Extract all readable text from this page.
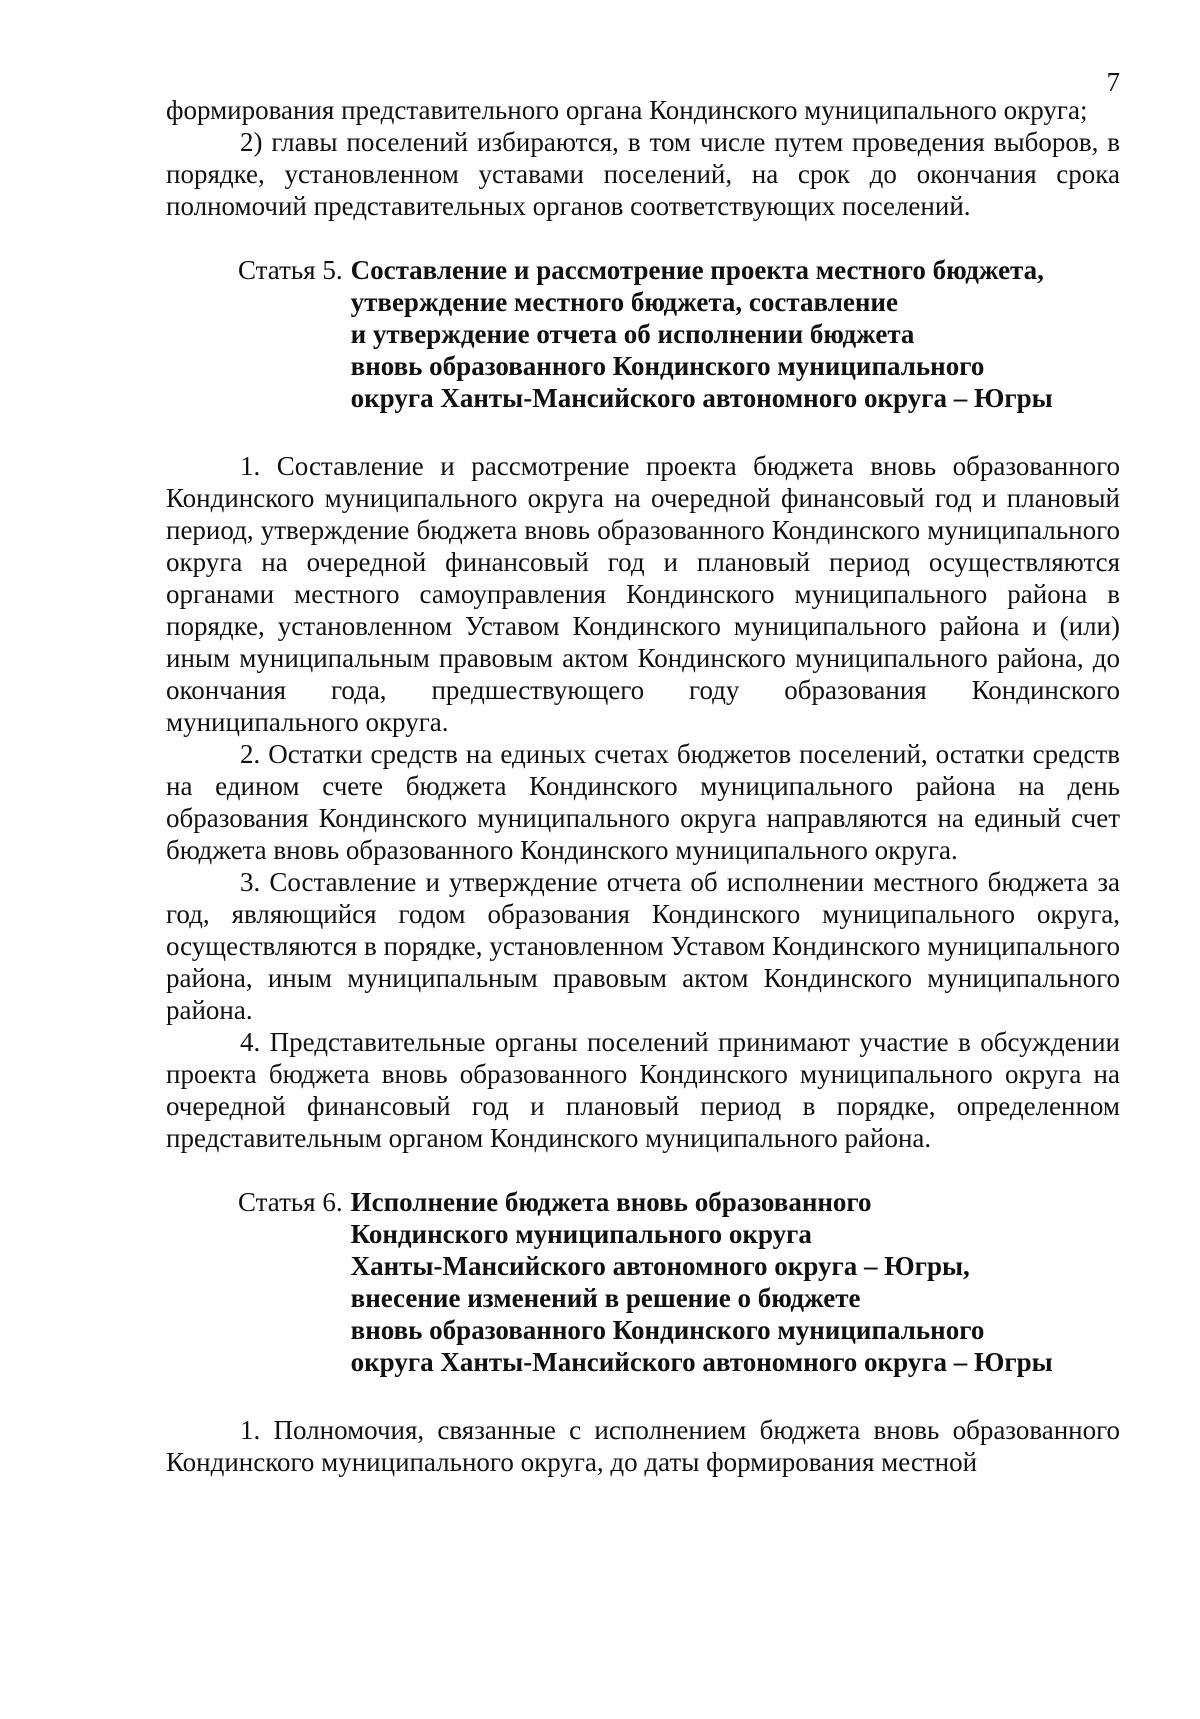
7

формирования представительного органа Кондинского муниципального округа;

2) главы поселений избираются, в том числе путем проведения выборов, в порядке, установленном уставами поселений, на срок до окончания срока полномочий представительных органов соответствующих поселений.

Статья 5. Составление и рассмотрение проекта местного бюджета,
утверждение местного бюджета, составление
и утверждение отчета об исполнении бюджета
вновь образованного Кондинского муниципального
округа Ханты-Мансийского автономного округа – Югры

1. Составление и рассмотрение проекта бюджета вновь образованного Кондинского муниципального округа на очередной финансовый год и плановый период, утверждение бюджета вновь образованного Кондинского муниципального округа на очередной финансовый год и плановый период осуществляются органами местного самоуправления Кондинского муниципального района в порядке, установленном Уставом Кондинского муниципального района и (или) иным муниципальным правовым актом Кондинского муниципального района, до окончания года, предшествующего году образования Кондинского муниципального округа.

2. Остатки средств на единых счетах бюджетов поселений, остатки средств на едином счете бюджета Кондинского муниципального района на день образования Кондинского муниципального округа направляются на единый счет бюджета вновь образованного Кондинского муниципального округа.

3. Составление и утверждение отчета об исполнении местного бюджета за год, являющийся годом образования Кондинского муниципального округа, осуществляются в порядке, установленном Уставом Кондинского муниципального района, иным муниципальным правовым актом Кондинского муниципального района.

4. Представительные органы поселений принимают участие в обсуждении проекта бюджета вновь образованного Кондинского муниципального округа на очередной финансовый год и плановый период в порядке, определенном представительным органом Кондинского муниципального района.

Статья 6. Исполнение бюджета вновь образованного
Кондинского муниципального округа
Ханты-Мансийского автономного округа – Югры,
внесение изменений в решение о бюджете
вновь образованного Кондинского муниципального
округа Ханты-Мансийского автономного округа – Югры

1. Полномочия, связанные с исполнением бюджета вновь образованного Кондинского муниципального округа, до даты формирования местной
